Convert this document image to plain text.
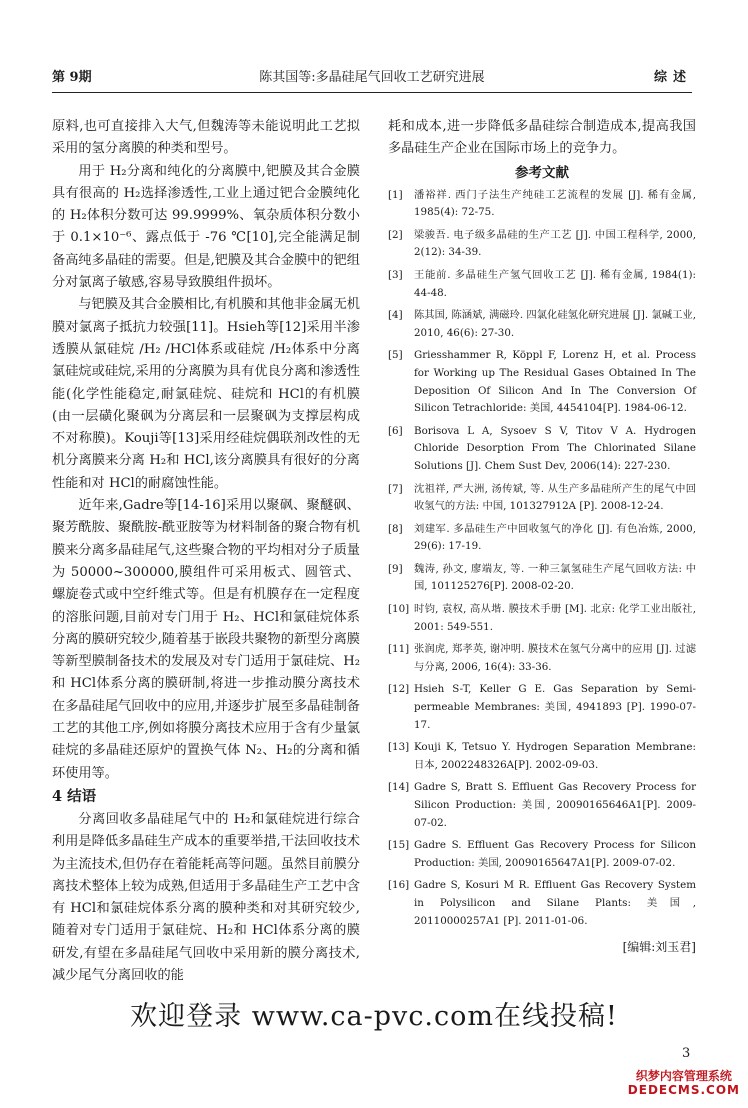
第 9期	陈其国等:多晶硅尾气回收工艺研究进展	综述

原料,也可直接排入大气,但魏涛等未能说明此工艺拟采用的氢分离膜的种类和型号。

用于 H₂分离和纯化的分离膜中,钯膜及其合金膜具有很高的 H₂选择渗透性,工业上通过钯合金膜纯化的 H₂体积分数可达 99.9999%、氧杂质体积分数小于 0.1×10⁻⁶、露点低于 -76 ℃[10],完全能满足制备高纯多晶硅的需要。但是,钯膜及其合金膜中的钯组分对氯离子敏感,容易导致膜组件损坏。

与钯膜及其合金膜相比,有机膜和其他非金属无机膜对氯离子抵抗力较强[11]。Hsieh等[12]采用半渗透膜从氯硅烷 /H₂ /HCl体系或硅烷 /H₂体系中分离氯硅烷或硅烷,采用的分离膜为具有优良分离和渗透性能(化学性能稳定,耐氯硅烷、硅烷和 HCl的有机膜(由一层磺化聚砜为分离层和一层聚砜为支撑层构成不对称膜)。Kouji等[13]采用经硅烷偶联剂改性的无机分离膜来分离 H₂和 HCl,该分离膜具有很好的分离性能和对 HCl的耐腐蚀性能。

近年来,Gadre等[14-16]采用以聚砜、聚醚砜、聚芳酰胺、聚酰胺-酰亚胺等为材料制备的聚合物有机膜来分离多晶硅尾气,这些聚合物的平均相对分子质量为 50000~300000,膜组件可采用板式、圆管式、螺旋卷式或中空纤维式等。但是有机膜存在一定程度的溶胀问题,目前对专门用于 H₂、HCl和氯硅烷体系分离的膜研究较少,随着基于嵌段共聚物的新型分离膜等新型膜制备技术的发展及对专门适用于氯硅烷、H₂和 HCl体系分离的膜研制,将进一步推动膜分离技术在多晶硅尾气回收中的应用,并逐步扩展至多晶硅制备工艺的其他工序,例如将膜分离技术应用于含有少量氯硅烷的多晶硅还原炉的置换气体 N₂、H₂的分离和循环使用等。

4 结语

分离回收多晶硅尾气中的 H₂和氯硅烷进行综合利用是降低多晶硅生产成本的重要举措,干法回收技术为主流技术,但仍存在着能耗高等问题。虽然目前膜分离技术整体上较为成熟,但适用于多晶硅生产工艺中含有 HCl和氯硅烷体系分离的膜种类和对其研究较少,随着对专门适用于氯硅烷、H₂和 HCl体系分离的膜研发,有望在多晶硅尾气回收中采用新的膜分离技术,减少尾气分离回收的能

耗和成本,进一步降低多晶硅综合制造成本,提高我国多晶硅生产企业在国际市场上的竞争力。

参考文献
[1] 潘裕祥. 西门子法生产纯硅工艺流程的发展 [J]. 稀有金属, 1985(4): 72-75.
[2] 梁骏吾. 电子级多晶硅的生产工艺 [J]. 中国工程科学, 2000, 2(12): 34-39.
[3] 王能前. 多晶硅生产氢气回收工艺 [J]. 稀有金属, 1984(1): 44-48.
[4] 陈其国, 陈涵斌, 满磁玲. 四氯化硅氢化研究进展 [J]. 氯碱工业, 2010, 46(6): 27-30.
[5] Griesshammer R, Köppl F, Lorenz H, et al. Process for Working up The Residual Gases Obtained In The Deposition Of Silicon And In The Conversion Of Silicon Tetrachloride: 美国, 4454104[P]. 1984-06-12.
[6] Borisova L A, Sysoev S V, Titov V A. Hydrogen Chloride Desorption From The Chlorinated Silane Solutions [J]. Chem Sust Dev, 2006(14): 227-230.
[7] 沈祖祥, 严大洲, 汤传斌, 等. 从生产多晶硅所产生的尾气中回收氢气的方法: 中国, 101327912A [P]. 2008-12-24.
[8] 刘建军. 多晶硅生产中回收氢气的净化 [J]. 有色冶炼, 2000, 29(6): 17-19.
[9] 魏涛, 孙文, 廖端友, 等. 一种三氯氢硅生产尾气回收方法: 中国, 101125276[P]. 2008-02-20.
[10] 时钧, 袁权, 高从堦. 膜技术手册 [M]. 北京: 化学工业出版社, 2001: 549-551.
[11] 张润虎, 郑孝英, 谢冲明. 膜技术在氢气分离中的应用 [J]. 过滤与分离, 2006, 16(4): 33-36.
[12] Hsieh S-T, Keller G E. Gas Separation by Semi-permeable Membranes: 美国, 4941893 [P]. 1990-07-17.
[13] Kouji K, Tetsuo Y. Hydrogen Separation Membrane: 日本, 2002248326A[P]. 2002-09-03.
[14] Gadre S, Bratt S. Effluent Gas Recovery Process for Silicon Production: 美国, 20090165646A1[P]. 2009-07-02.
[15] Gadre S. Effluent Gas Recovery Process for Silicon Production: 美国, 20090165647A1[P]. 2009-07-02.
[16] Gadre S, Kosuri M R. Effluent Gas Recovery System in Polysilicon and Silane Plants: 美国, 20110000257A1 [P]. 2011-01-06.
[编辑:刘玉君]
欢迎登录 www.ca-pvc.com在线投稿!
3
织梦内容管理系统
DEDECMS.COM
